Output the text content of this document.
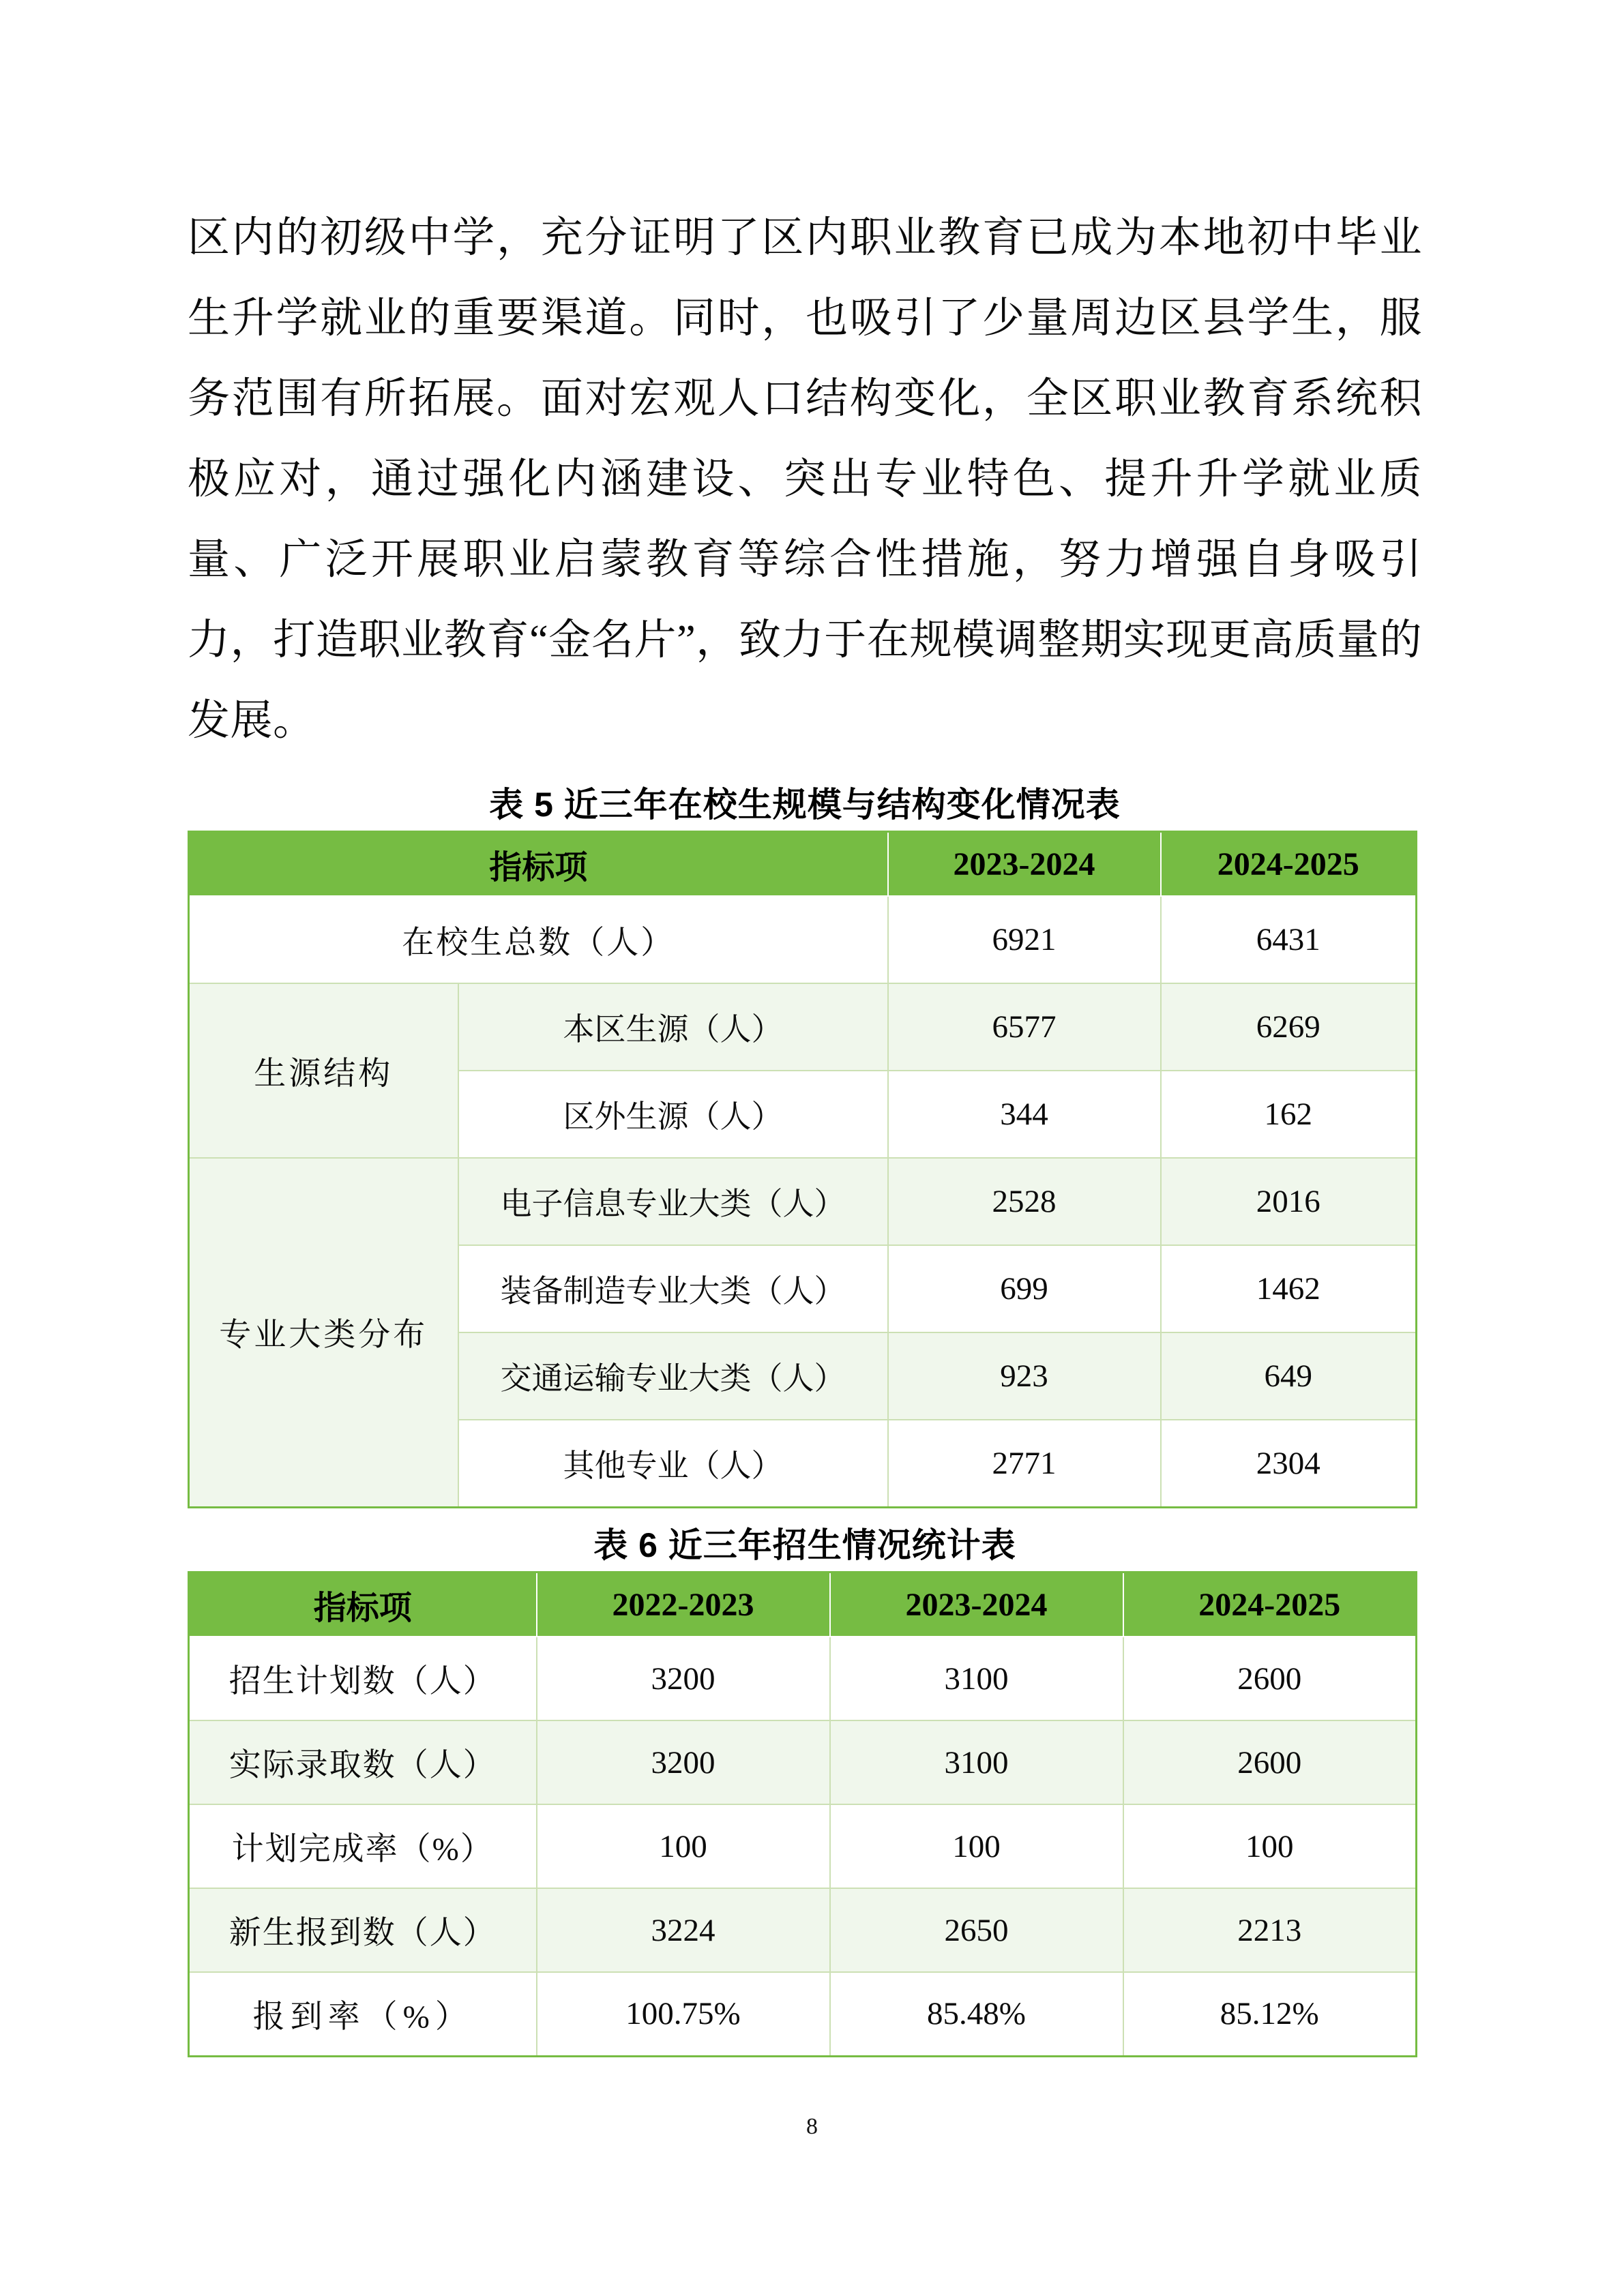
区内的初级中学，充分证明了区内职业教育已成为本地初中毕业生升学就业的重要渠道。同时，也吸引了少量周边区县学生，服务范围有所拓展。面对宏观人口结构变化，全区职业教育系统积极应对，通过强化内涵建设、突出专业特色、提升升学就业质量、广泛开展职业启蒙教育等综合性措施，努力增强自身吸引力，打造职业教育“金名片”，致力于在规模调整期实现更高质量的发展。

表 5 近三年在校生规模与结构变化情况表
指标项		2023-2024	2024-2025
在校生总数（人）		6921	6431
生源结构	本区生源（人）	6577	6269
	区外生源（人）	344	162
专业大类分布	电子信息专业大类（人）	2528	2016
	装备制造专业大类（人）	699	1462
	交通运输专业大类（人）	923	649
	其他专业（人）	2771	2304
表 6 近三年招生情况统计表
指标项	2022-2023	2023-2024	2024-2025
招生计划数（人）	3200	3100	2600
实际录取数（人）	3200	3100	2600
计划完成率（%）	100	100	100
新生报到数（人）	3224	2650	2213
报到率（%）	100.75%	85.48%	85.12%
8
